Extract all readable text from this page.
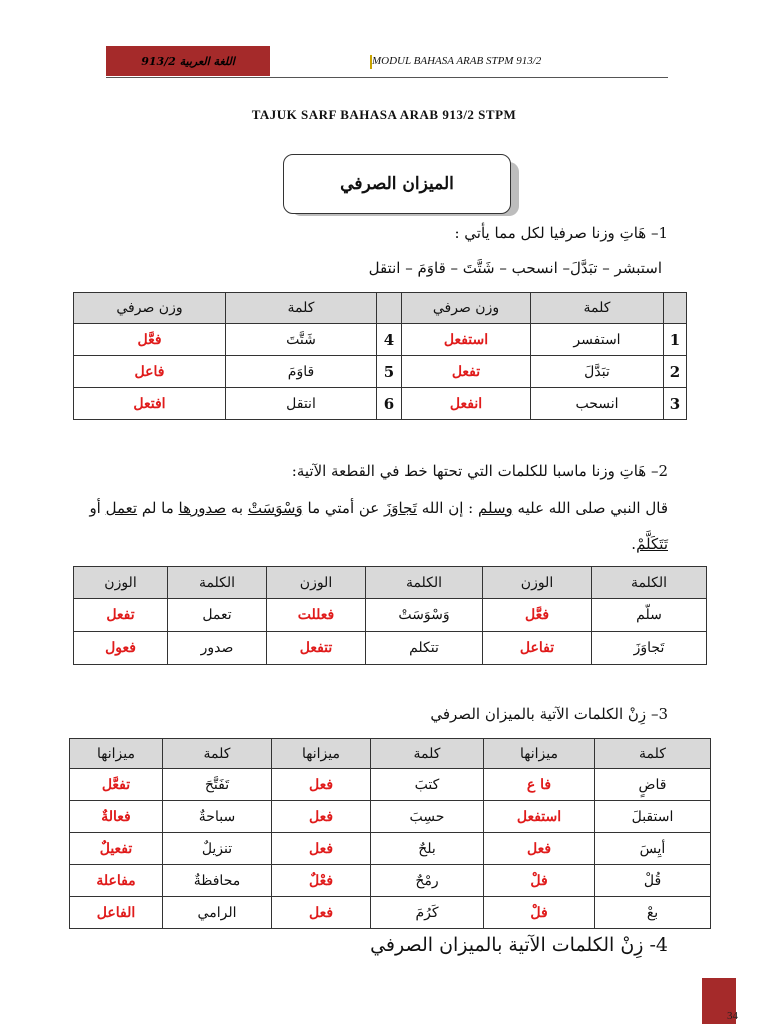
اللغة العربية 913/2	MODUL BAHASA ARAB STPM 913/2
TAJUK SARF BAHASA ARAB 913/2 STPM
الميزان الصرفي
1– هَاتِ وزنا صرفيا لكل مما يأتي :
استبشر – تبَدَّلَ– انسحب – شَتَّتَ – قاوَمَ – انتقل
	كلمة	وزن صرفي		كلمة	وزن صرفي
1	استفسر	استفعل	4	شَتَّتَ	فعَّل
2	تبَدَّلَ	تفعل	5	قاوَمَ	فاعل
3	انسحب	انفعل	6	انتقل	افتعل
2– هَاتِ وزنا ماسبا للكلمات التي تحتها خط في القطعة الآتية:
قال النبي صلى الله عليه وسلم : إن الله تَجاوَزَ عن أمتي ما وَسْوَسَتْ به صدورها ما لم تعمل أو
تَتَكَلَّمْ.
الكلمة	الوزن	الكلمة	الوزن	الكلمة	الوزن
سلّم	فعَّل	وَسْوَسَتْ	فعللت	تعمل	تفعل
تَجاوَزَ	تفاعل	تتكلم	تتفعل	صدور	فعول
3– زِنْ الكلمات الآتية بالميزان الصرفي
كلمة	ميزانها	كلمة	ميزانها	كلمة	ميزانها
قاضٍ	فا ع	كتبَ	فعل	تَفَتَّحَ	تفعَّل
استقبلَ	استفعل	حسِبَ	فعل	سباحةٌ	فعالةٌ
أيِسَ	فعل	بلحٌ	فعل	تنزيلٌ	تفعيلٌ
قُلْ	فلْ	رمْحٌ	فعْلٌ	محافظةٌ	مفاعلة
بعْ	فلْ	كَرُمَ	فعل	الرامي	الفاعل
4- زِنْ الكلمات الآتية بالميزان الصرفي
34
